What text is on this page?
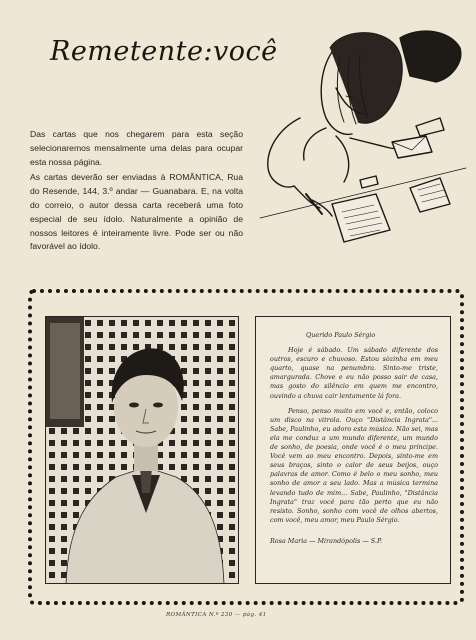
Remetente:você

Das cartas que nos chegarem para esta seção selecionaremos mensalmente uma delas para ocupar esta nossa página.

As cartas deverão ser enviadas à ROMÂNTICA, Rua do Resende, 144, 3.º andar — Guanabara. E, na volta do correio, o autor dessa carta receberá uma foto especial de seu ídolo. Naturalmente a opinião de nossos leitores é inteiramente livre. Pode ser ou não favorável ao ídolo.

Querido Paulo Sérgio

Hoje é sábado. Um sábado diferente dos outros, escuro e chuvoso. Estou sòzinha em meu quarto, quase na penumbra. Sinto-me triste, amargurada. Chove e eu não posso sair de casa, mas gosto do silêncio em quem me encontro, ouvindo a chuva cair lentamente lá fora.

Penso, penso muito em você e, então, coloco um disco na vitrola. Ouço "Distância Ingrata"... Sabe, Paulinho, eu adoro esta música. Não sei, mas ela me conduz a um mundo diferente, um mundo de sonho, de poesia, onde você é o meu príncipe. Você vem ao meu encontro. Depois, sinto-me em seus braços, sinto o calor de seus beijos, ouço palavras de amor. Como é belo o meu sonho, meu sonho de amor a seu lado. Mas a música termina levando tudo de mim... Sabe, Paulinho, "Distância Ingrata" traz você para tão perto que eu não resisto. Sonho, sonho com você de olhos abertos, com você, meu amor, meu Paulo Sérgio.

Rosa Maria — Mirandópolis — S.P.

ROMÂNTICA N.º 230 — pág. 41
